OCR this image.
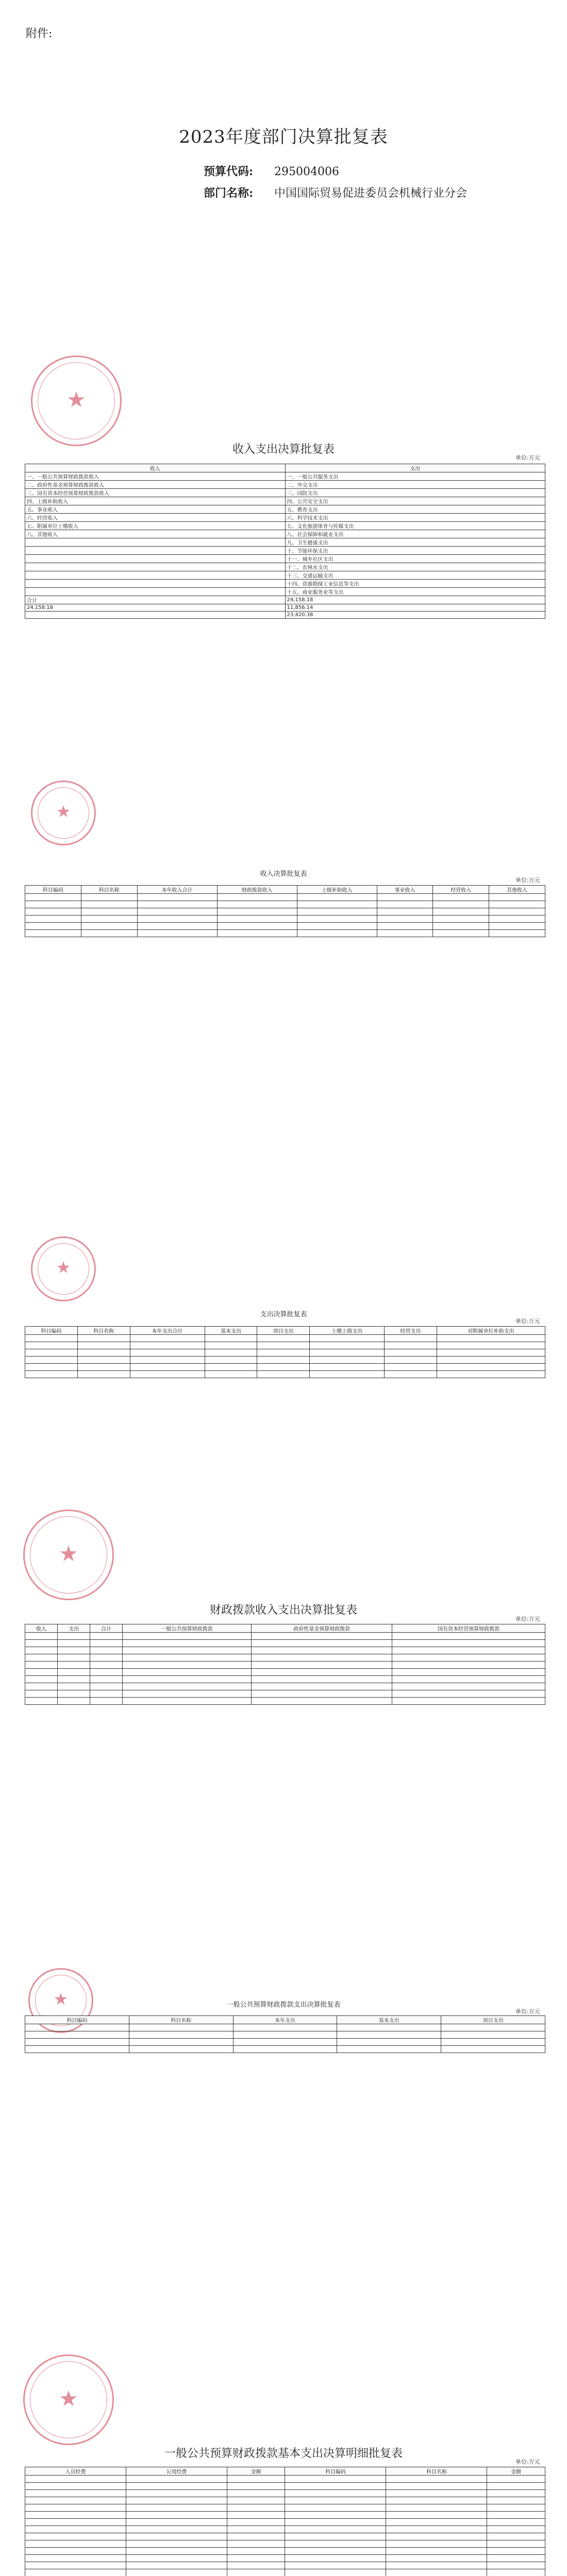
附件:
2023年度部门决算批复表
预算代码: 295004006
部门名称: 中国国际贸易促进委员会机械行业分会
★
收入支出决算批复表
单位:万元
收入	支出
一、一般公共预算财政拨款收入	一、一般公共服务支出
二、政府性基金预算财政拨款收入	二、外交支出
三、国有资本经营预算财政拨款收入	三、国防支出
四、上级补助收入	四、公共安全支出
五、事业收入	五、教育支出
六、经营收入	六、科学技术支出
七、附属单位上缴收入	七、文化旅游体育与传媒支出
八、其他收入	八、社会保障和就业支出
	九、卫生健康支出
	十、节能环保支出
	十一、城乡社区支出
	十二、农林水支出
	十三、交通运输支出
	十四、资源勘探工业信息等支出
	十五、商业服务业等支出
合计	24,158.18
24,158.18	11,856.14
	23,420.38
★
收入决算批复表
单位:万元
科目编码	科目名称	本年收入合计	财政拨款收入	上级补助收入	事业收入	经营收入	其他收入

★
支出决算批复表
单位:万元
科目编码	科目名称	本年支出合计	基本支出	项目支出	上缴上级支出	经营支出	对附属单位补助支出

★
财政拨款收入支出决算批复表
单位:万元
收入	支出	合计	一般公共预算财政拨款	政府性基金预算财政拨款	国有资本经营预算财政拨款

★	一般公共预算财政拨款支出决算批复表
单位:万元
科目编码	科目名称	本年支出	基本支出	项目支出

★
一般公共预算财政拨款基本支出决算明细批复表
单位:万元
人员经费	公用经费	金额	科目编码	科目名称	金额
